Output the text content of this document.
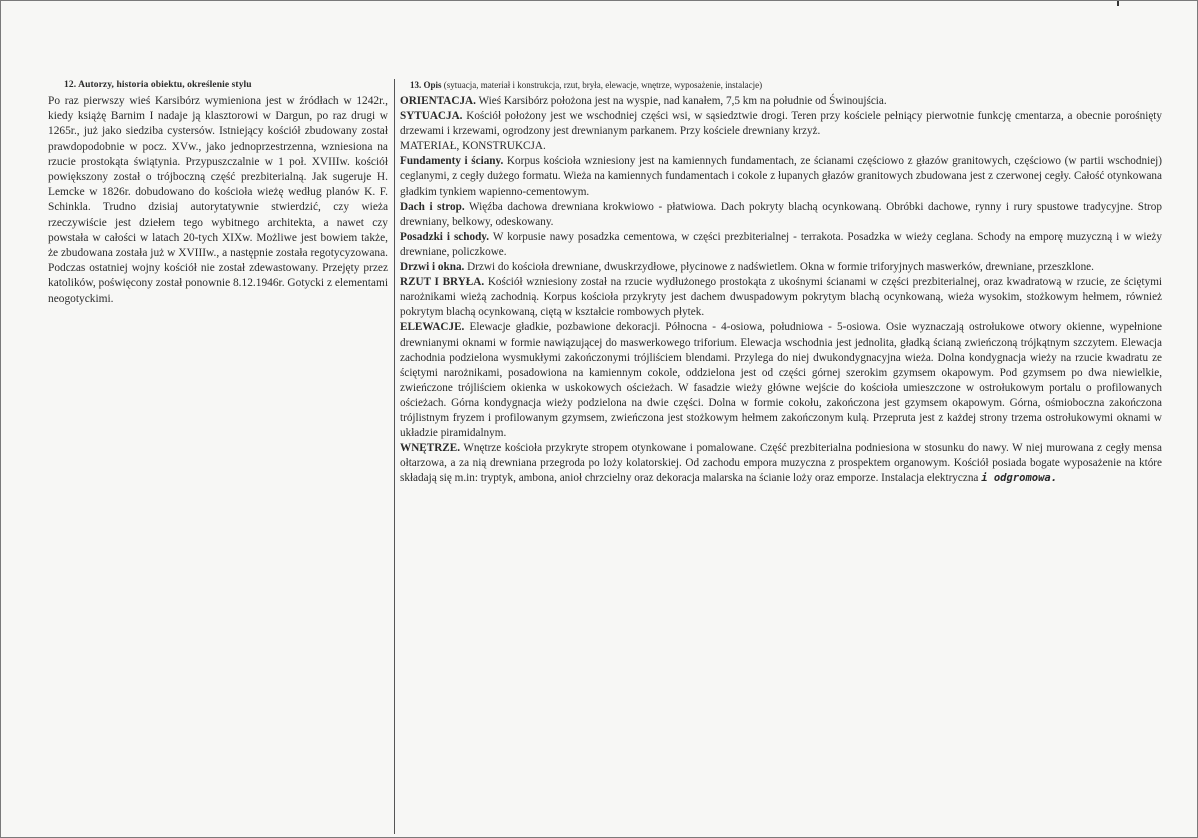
12. Autorzy, historia obiektu, określenie stylu

Po raz pierwszy wieś Karsibórz wymieniona jest w źródłach w 1242r., kiedy książę Barnim I nadaje ją klasztorowi w Dargun, po raz drugi w 1265r., już jako siedziba cystersów. Istniejący kościół zbudowany został prawdopodobnie w pocz. XVw., jako jednoprzestrzenna, wzniesiona na rzucie prostokąta świątynia. Przypuszczalnie w 1 poł. XVIIIw. kościół powiększony został o trójboczną część prezbiterialną. Jak sugeruje H. Lemcke w 1826r. dobudowano do kościoła wieżę według planów K. F. Schinkla. Trudno dzisiaj autorytatywnie stwierdzić, czy wieża rzeczywiście jest dziełem tego wybitnego architekta, a nawet czy powstała w całości w latach 20-tych XIXw. Możliwe jest bowiem także, że zbudowana została już w XVIIIw., a następnie została regotycyzowana. Podczas ostatniej wojny kościół nie został zdewastowany. Przejęty przez katolików, poświęcony został ponownie 8.12.1946r. Gotycki z elementami neogotyckimi.

13. Opis (sytuacja, materiał i konstrukcja, rzut, bryła, elewacje, wnętrze, wyposażenie, instalacje)

ORIENTACJA. Wieś Karsibórz położona jest na wyspie, nad kanałem, 7,5 km na południe od Świnoujścia.

SYTUACJA. Kościół położony jest we wschodniej części wsi, w sąsiedztwie drogi. Teren przy kościele pełniący pierwotnie funkcję cmentarza, a obecnie porośnięty drzewami i krzewami, ogrodzony jest drewnianym parkanem. Przy kościele drewniany krzyż.

MATERIAŁ, KONSTRUKCJA.

Fundamenty i ściany. Korpus kościoła wzniesiony jest na kamiennych fundamentach, ze ścianami częściowo z głazów granitowych, częściowo (w partii wschodniej) ceglanymi, z cegły dużego formatu. Wieża na kamiennych fundamentach i cokole z łupanych głazów granitowych zbudowana jest z czerwonej cegły. Całość otynkowana gładkim tynkiem wapienno-cementowym.

Dach i strop. Więźba dachowa drewniana krokwiowo - płatwiowa. Dach pokryty blachą ocynkowaną. Obróbki dachowe, rynny i rury spustowe tradycyjne. Strop drewniany, belkowy, odeskowany.

Posadzki i schody. W korpusie nawy posadzka cementowa, w części prezbiterialnej - terrakota. Posadzka w wieży ceglana. Schody na emporę muzyczną i w wieży drewniane, policzkowe.

Drzwi i okna. Drzwi do kościoła drewniane, dwuskrzydłowe, płycinowe z nadświetlem. Okna w formie triforyjnych maswerków, drewniane, przeszklone.

RZUT I BRYŁA. Kościół wzniesiony został na rzucie wydłużonego prostokąta z ukośnymi ścianami w części prezbiterialnej, oraz kwadratową w rzucie, ze ściętymi narożnikami wieżą zachodnią. Korpus kościoła przykryty jest dachem dwuspadowym pokrytym blachą ocynkowaną, wieża wysokim, stożkowym hełmem, również pokrytym blachą ocynkowaną, ciętą w kształcie rombowych płytek.

ELEWACJE. Elewacje gładkie, pozbawione dekoracji. Północna - 4-osiowa, południowa - 5-osiowa. Osie wyznaczają ostrołukowe otwory okienne, wypełnione drewnianymi oknami w formie nawiązującej do maswerkowego triforium. Elewacja wschodnia jest jednolita, gładką ścianą zwieńczoną trójkątnym szczytem. Elewacja zachodnia podzielona wysmukłymi zakończonymi trójliściem blendami. Przylega do niej dwukondygnacyjna wieża. Dolna kondygnacja wieży na rzucie kwadratu ze ściętymi narożnikami, posadowiona na kamiennym cokole, oddzielona jest od części górnej szerokim gzymsem okapowym. Pod gzymsem po dwa niewielkie, zwieńczone trójliściem okienka w uskokowych ościeżach. W fasadzie wieży główne wejście do kościoła umieszczone w ostrołukowym portalu o profilowanych ościeżach. Górna kondygnacja wieży podzielona na dwie części. Dolna w formie cokołu, zakończona jest gzymsem okapowym. Górna, ośmioboczna zakończona trójlistnym fryzem i profilowanym gzymsem, zwieńczona jest stożkowym hełmem zakończonym kulą. Przepruta jest z każdej strony trzema ostrołukowymi oknami w układzie piramidalnym.

WNĘTRZE. Wnętrze kościoła przykryte stropem otynkowane i pomalowane. Część prezbiterialna podniesiona w stosunku do nawy. W niej murowana z cegły mensa ołtarzowa, a za nią drewniana przegroda po loży kolatorskiej. Od zachodu empora muzyczna z prospektem organowym. Kościół posiada bogate wyposażenie na które składają się m.in: tryptyk, ambona, anioł chrzcielny oraz dekoracja malarska na ścianie loży oraz emporze. Instalacja elektryczna i odgromowa.
